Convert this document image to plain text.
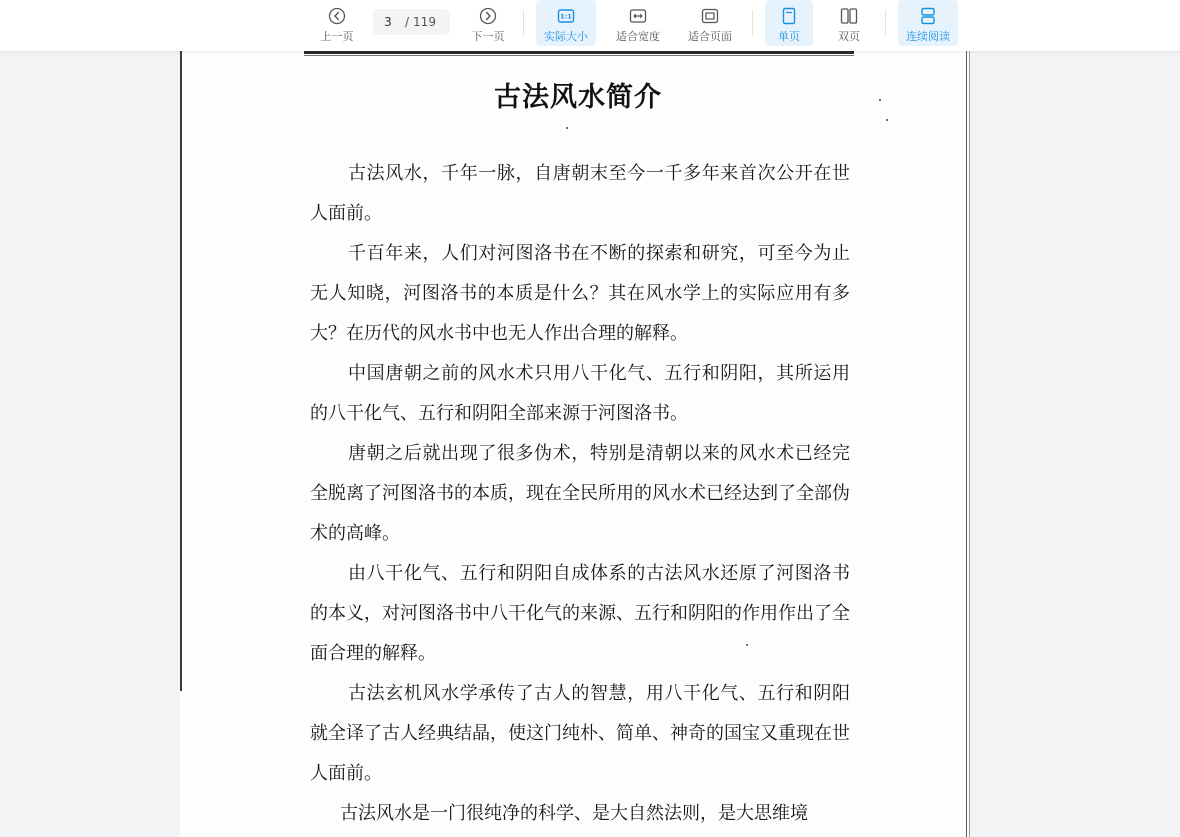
上一页
3
/ 119
下一页
1:1
实际大小	适合宽度	适合页面	单页	双页	连续阅读
古法风水简介

古法风水，千年一脉，自唐朝末至今一千多年来首次公开在世人面前。

千百年来，人们对河图洛书在不断的探索和研究，可至今为止无人知晓，河图洛书的本质是什么？其在风水学上的实际应用有多大？在历代的风水书中也无人作出合理的解释。

中国唐朝之前的风水术只用八干化气、五行和阴阳，其所运用的八干化气、五行和阴阳全部来源于河图洛书。

唐朝之后就出现了很多伪术，特别是清朝以来的风水术已经完全脱离了河图洛书的本质，现在全民所用的风水术已经达到了全部伪术的高峰。

由八干化气、五行和阴阳自成体系的古法风水还原了河图洛书的本义，对河图洛书中八干化气的来源、五行和阴阳的作用作出了全面合理的解释。

古法玄机风水学承传了古人的智慧，用八干化气、五行和阴阳就全译了古人经典结晶，使这门纯朴、简单、神奇的国宝又重现在世人面前。

古法风水是一门很纯净的科学、是大自然法则，是大思维境
